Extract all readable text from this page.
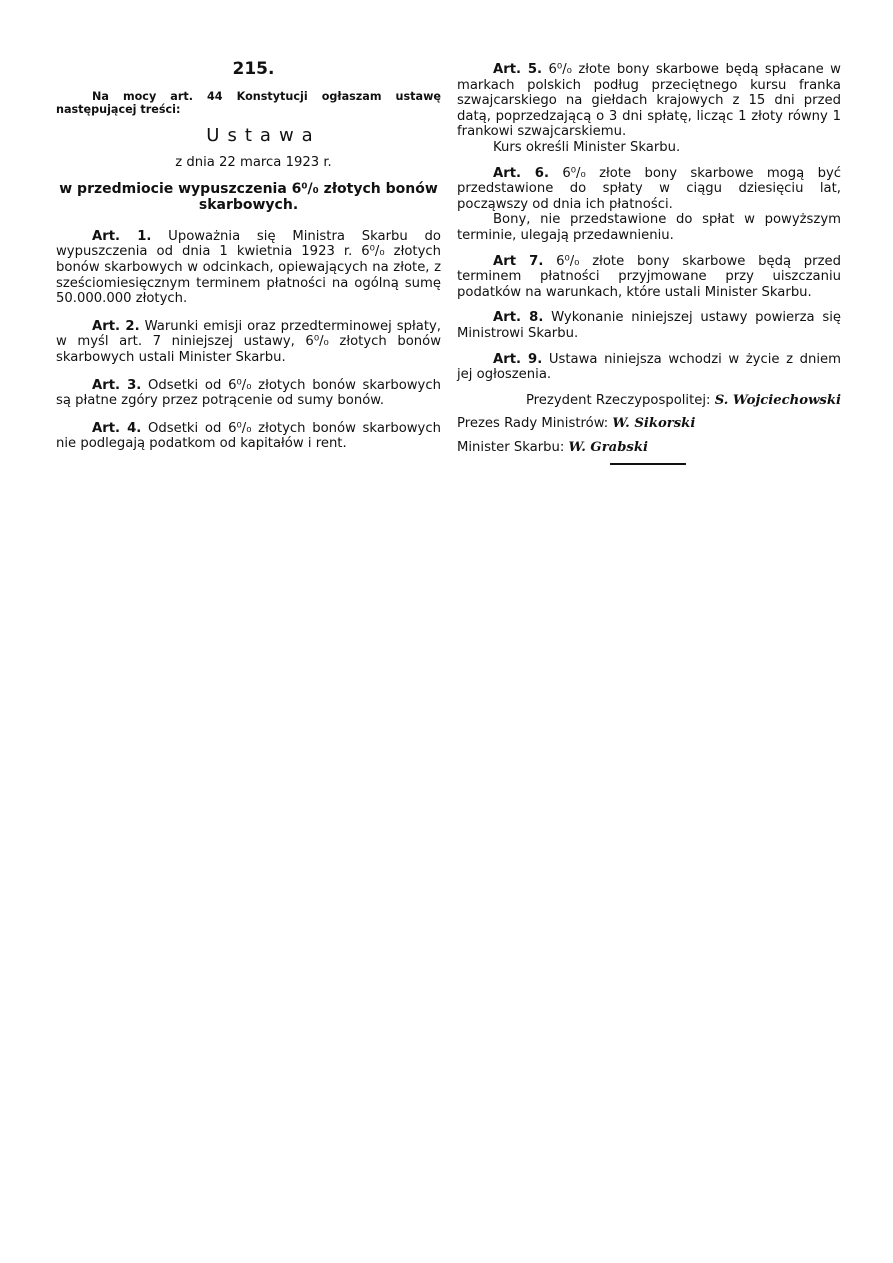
215.

Na mocy art. 44 Konstytucji ogłaszam ustawę następującej treści:

Ustawa

z dnia 22 marca 1923 r.

w przedmiocie wypuszczenia 6⁰/₀ złotych bonów skarbowych.

Art. 1. Upoważnia się Ministra Skarbu do wypuszczenia od dnia 1 kwietnia 1923 r. 6⁰/₀ złotych bonów skarbowych w odcinkach, opiewających na złote, z sześciomiesięcznym terminem płatności na ogólną sumę 50.000.000 złotych.

Art. 2. Warunki emisji oraz przedterminowej spłaty, w myśl art. 7 niniejszej ustawy, 6⁰/₀ złotych bonów skarbowych ustali Minister Skarbu.

Art. 3. Odsetki od 6⁰/₀ złotych bonów skarbowych są płatne zgóry przez potrącenie od sumy bonów.

Art. 4. Odsetki od 6⁰/₀ złotych bonów skarbowych nie podlegają podatkom od kapitałów i rent.

Art. 5. 6⁰/₀ złote bony skarbowe będą spłacane w markach polskich podług przeciętnego kursu franka szwajcarskiego na giełdach krajowych z 15 dni przed datą, poprzedzającą o 3 dni spłatę, licząc 1 złoty równy 1 frankowi szwajcarskiemu.

Kurs określi Minister Skarbu.

Art. 6. 6⁰/₀ złote bony skarbowe mogą być przedstawione do spłaty w ciągu dziesięciu lat, począwszy od dnia ich płatności.

Bony, nie przedstawione do spłat w powyższym terminie, ulegają przedawnieniu.

Art 7. 6⁰/₀ złote bony skarbowe będą przed terminem płatności przyjmowane przy uiszczaniu podatków na warunkach, które ustali Minister Skarbu.

Art. 8. Wykonanie niniejszej ustawy powierza się Ministrowi Skarbu.

Art. 9. Ustawa niniejsza wchodzi w życie z dniem jej ogłoszenia.

Prezydent Rzeczypospolitej: S. Wojciechowski

Prezes Rady Ministrów: W. Sikorski

Minister Skarbu: W. Grabski
